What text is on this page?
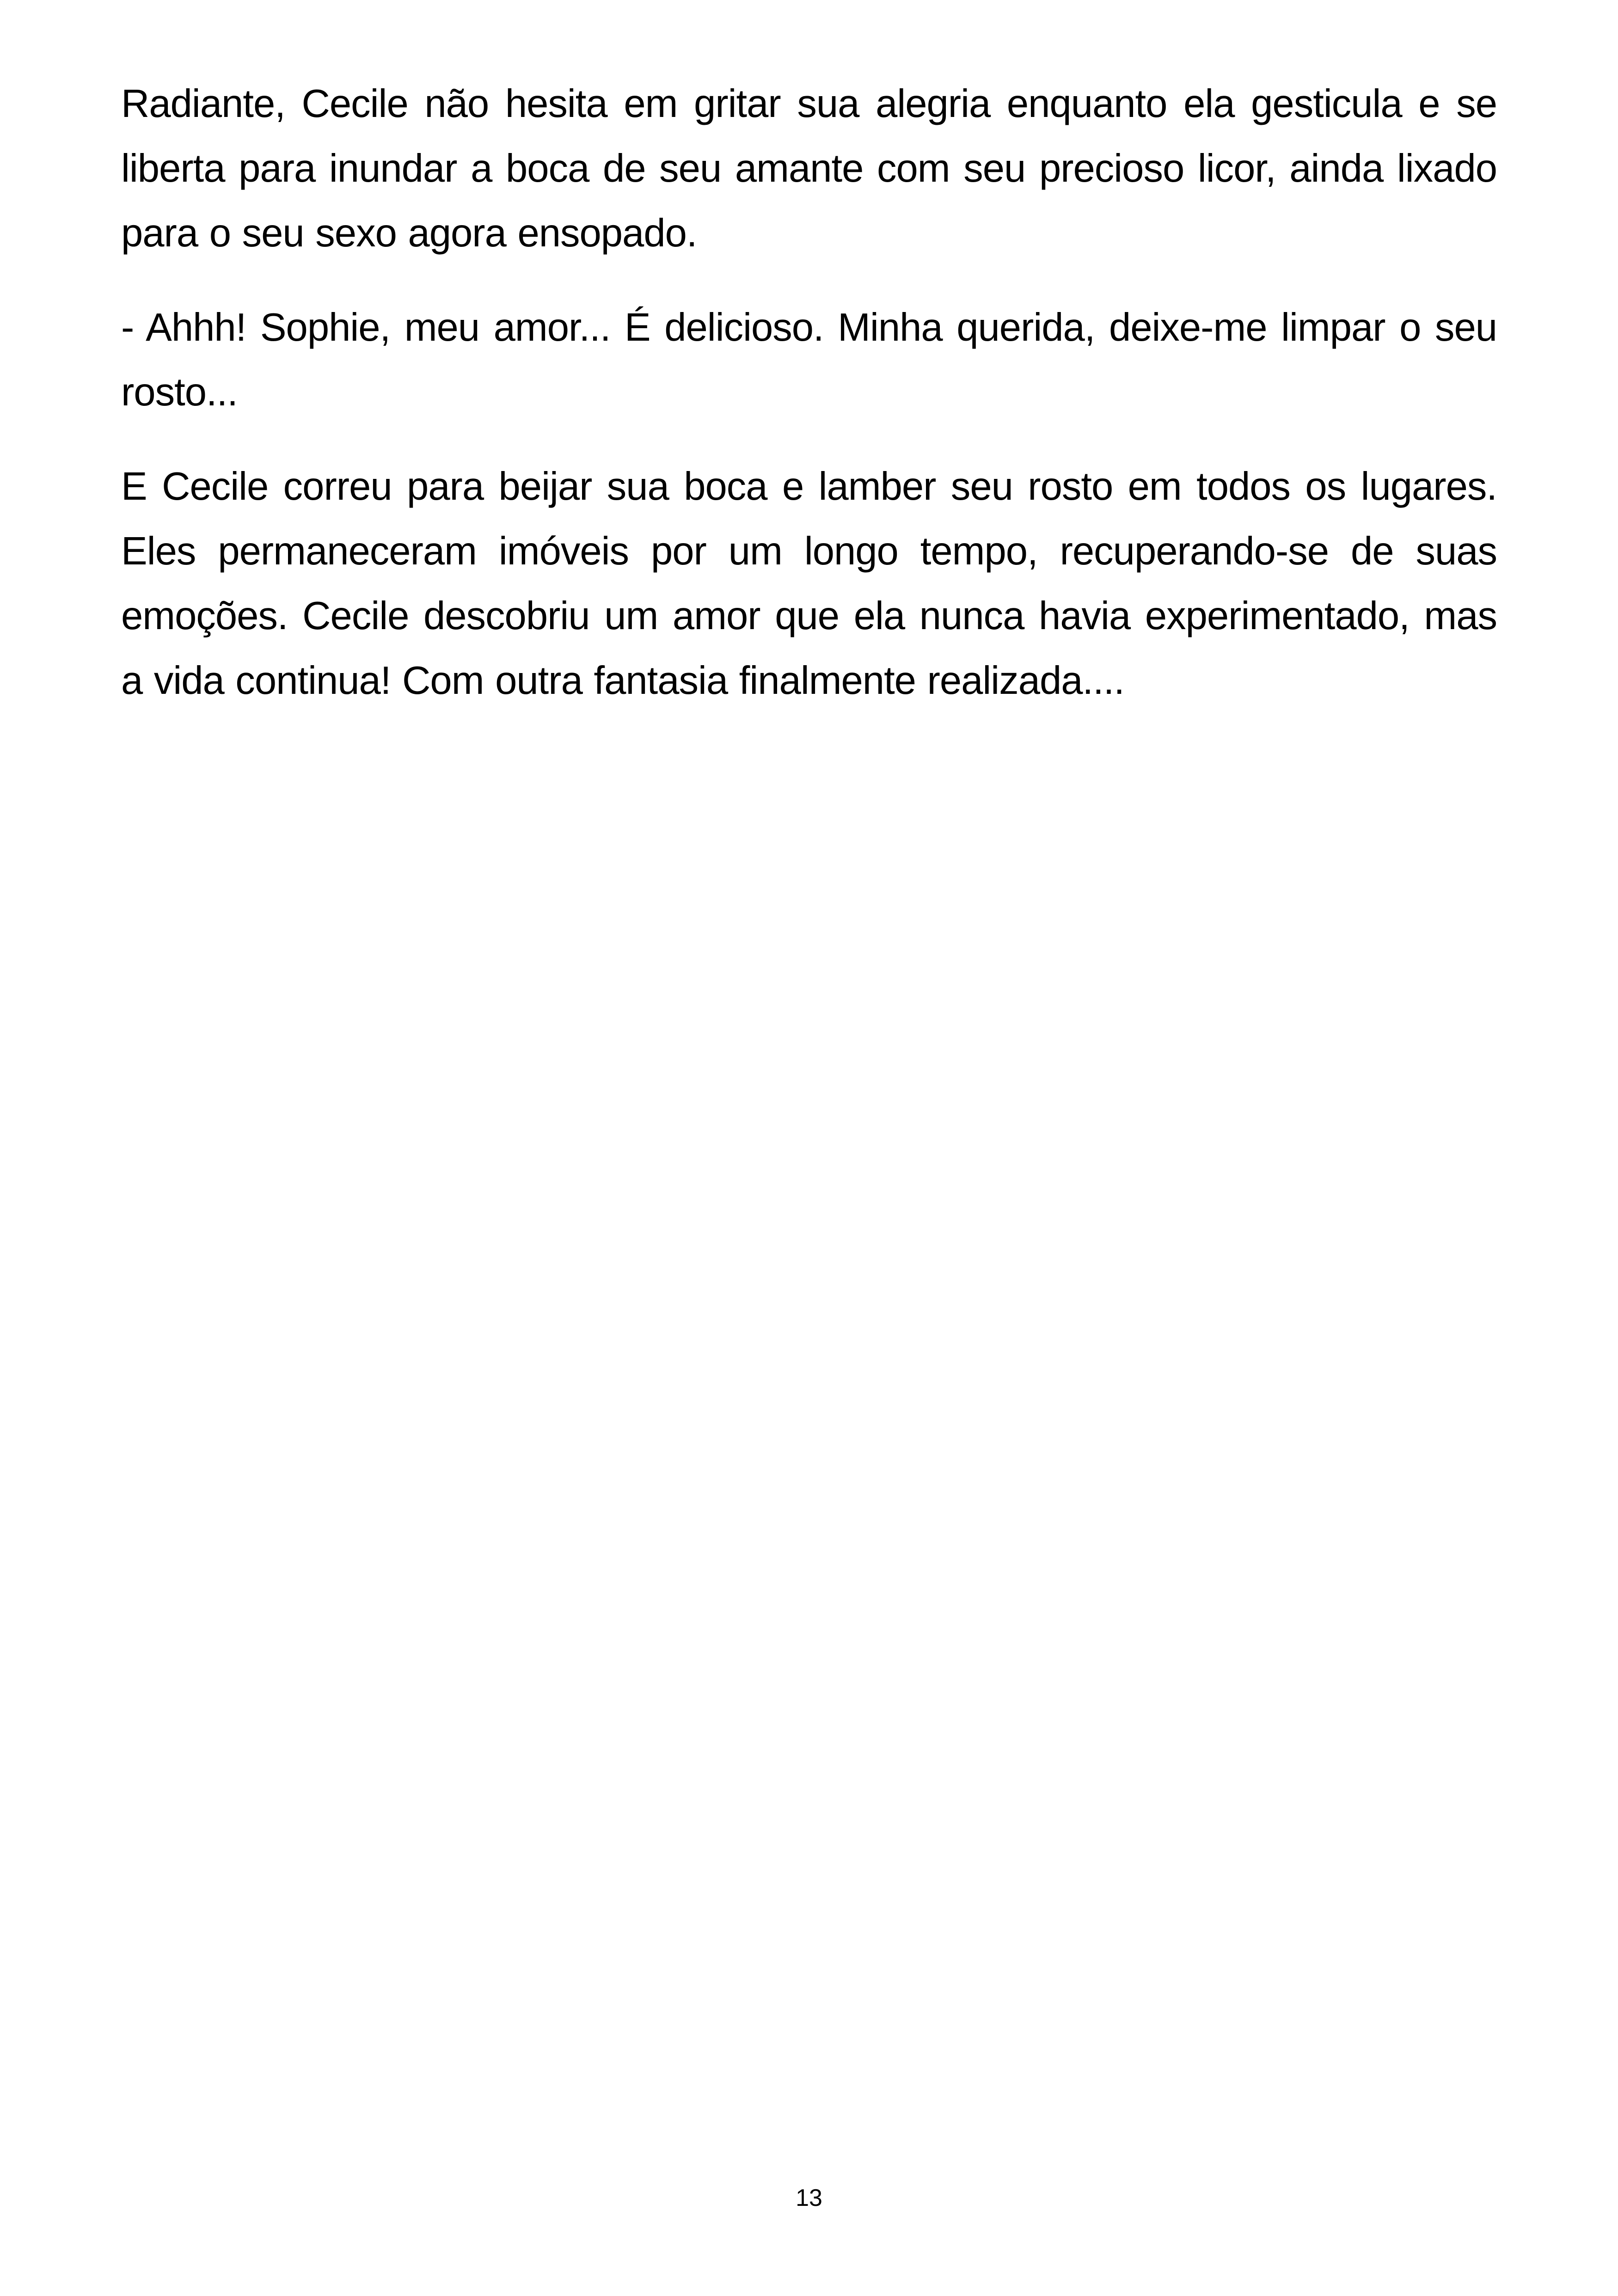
Radiante, Cecile não hesita em gritar sua alegria enquanto ela gesticula e se liberta para inundar a boca de seu amante com seu precioso licor, ainda lixado para o seu sexo agora ensopado.

- Ahhh! Sophie, meu amor... É delicioso. Minha querida, deixe-me limpar o seu rosto...

E Cecile correu para beijar sua boca e lamber seu rosto em todos os lugares. Eles permaneceram imóveis por um longo tempo, recuperando-se de suas emoções. Cecile descobriu um amor que ela nunca havia experimentado, mas a vida continua! Com outra fantasia finalmente realizada....

13
